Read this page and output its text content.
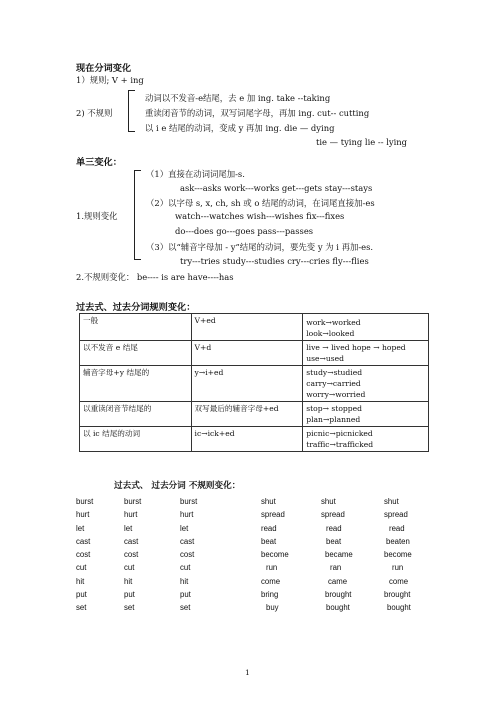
现在分词变化
1）规则; V + ing
2) 不规则
动词以不发音-e结尾，去 e 加 ing. take --taking
重读闭音节的动词，双写词尾字母，再加 ing. cut-- cutting
以 i e 结尾的动词，变成 y 再加 ing. die — dying
tie — tying lie -- lying
单三变化：
1.规则变化
（1）直接在动词词尾加-s.
ask---asks work---works get---gets stay---stays
（2）以字母 s, x, ch, sh 或 o 结尾的动词，在词尾直接加-es
watch---watches wish---wishes fix---fixes
do---does go---goes pass---passes
（3）以“辅音字母加 - y”结尾的动词，要先变 y 为 i 再加-es.
try---tries study---studies cry---cries fly---flies
2.不规则变化： be---- is are have----has
过去式、过去分词规则变化：
一般	V+ed	work→worked
look→looked

以不发音 e 结尾	V+d	live → lived hope → hoped
use→used

辅音字母+y 结尾的	y→i+ed	study→studied
carry→carried
worry→worried

以重读闭音节结尾的	双写最后的辅音字母+ed	stop→ stopped
plan→planned

以 ic 结尾的动词	ic→ick+ed	picnic→picnicked
traffic→trafficked
过去式、 过去分词 不规则变化：
burst	burst	burst	shut	shut	shut
hurt	hurt	hurt	spread	spread	spread
let	let	let	read	read	read
cast	cast	cast	beat	beat	beaten
cost	cost	cost	become	became	become
cut	cut	cut	run	ran	run
hit	hit	hit	come	came	come
put	put	put	bring	brought	brought
set	set	set	buy	bought	bought
1
